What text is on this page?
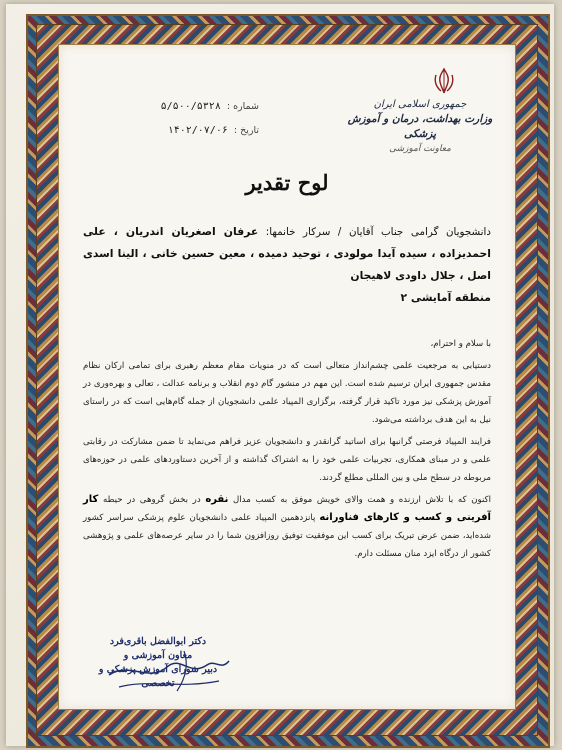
جمهوری اسلامی ایران
وزارت بهداشت، درمان و آموزش پزشکی
معاونت آموزشی
شماره :
۵/۵۰۰/۵۳۲۸
تاریخ :
۱۴۰۲/۰۷/۰۶
لوح تقدیر
دانشجویان گرامی جناب آقایان / سرکار خانمها: عرفان اصغریان اندریان ، علی احمدیزاده ، سیده آیدا مولودی ، توحید دمیده ، معین حسین خانی ، الینا اسدی اصل ، جلال داودی لاهیجان
منطقه آمایشی ۲

با سلام و احترام،

دستیابی به مرجعیت علمی چشم‌انداز متعالی است که در منویات مقام معظم رهبری برای تمامی ارکان نظام مقدس جمهوری ایران ترسیم شده است. این مهم در منشور گام دوم انقلاب و برنامه عدالت ، تعالی و بهره‌وری در آموزش پزشکی نیز مورد تاکید قرار گرفته، برگزاری المپیاد علمی دانشجویان از جمله گام‌هایی است که در راستای نیل به این هدف برداشته می‌شود.

فرایند المپیاد فرصتی گرانبها برای اساتید گرانقدر و دانشجویان عزیز فراهم می‌نماید تا ضمن مشارکت در رقابتی علمی و در مبنای همکاری، تجربیات علمی خود را به اشتراک گذاشته و از آخرین دستاوردهای علمی در حوزه‌های مربوطه در سطح ملی و بین المللی مطلع گردند.

اکنون که با تلاش ارزنده و همت والای خویش موفق به کسب مدال نقره در بخش گروهی در حیطه کار آفرینی و کسب و کارهای فناورانه پانزدهمین المپیاد علمی دانشجویان علوم پزشکی سراسر کشور شده‌اید، ضمن عرض تبریک برای کسب این موفقیت توفیق روزافزون شما را در سایر عرصه‌های علمی و پژوهشی کشور از درگاه ایزد منان مسئلت دارم.

دکتر ابوالفضل باقری‌فرد
معاون آموزشی و
دبیر شورای آموزش پزشکی و تخصصی
